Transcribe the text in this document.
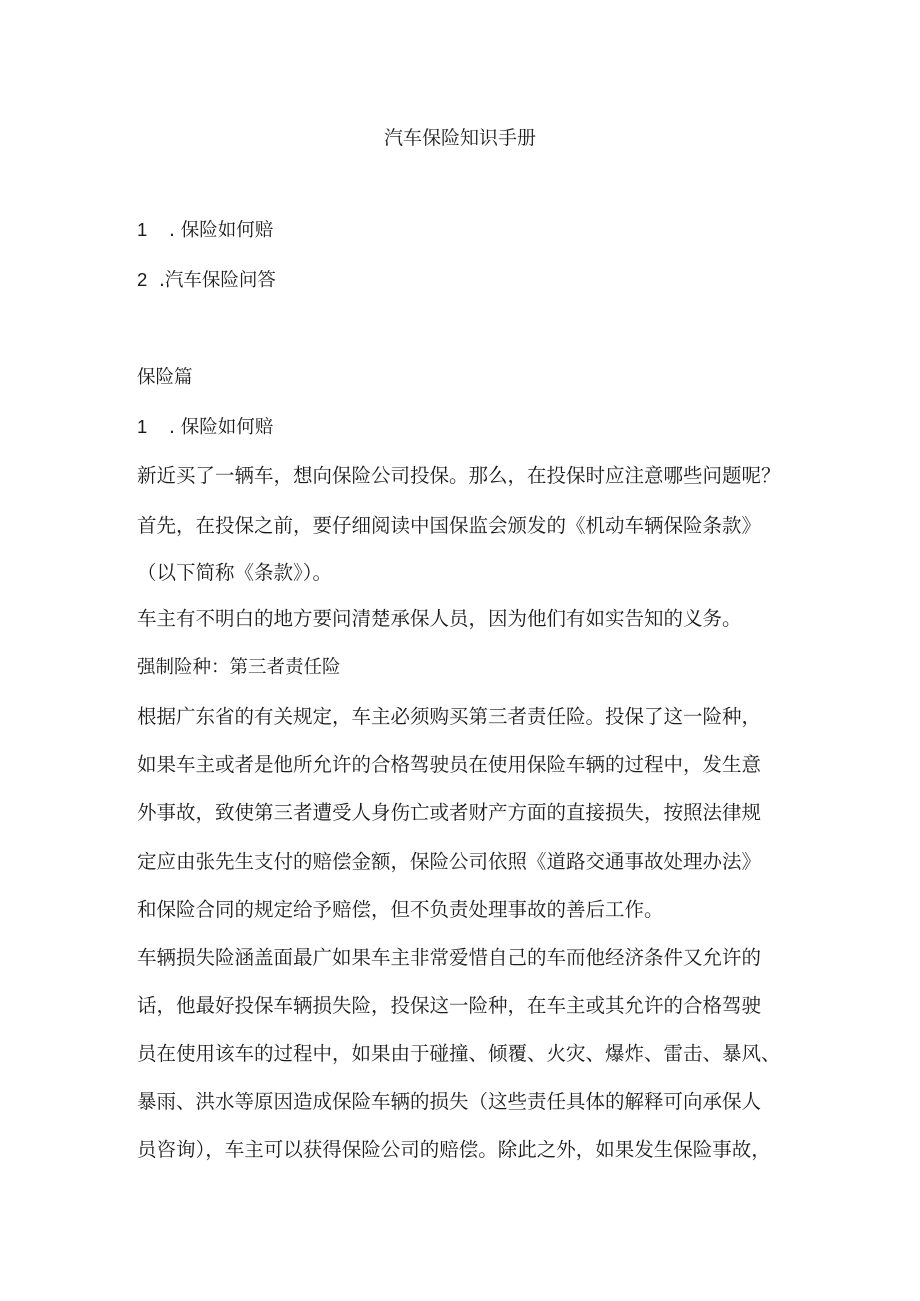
汽车保险知识手册
1 . 保险如何赔
2 .汽车保险问答
保险篇
1 . 保险如何赔
新近买了一辆车，想向保险公司投保。那么，在投保时应注意哪些问题呢？
首先，在投保之前，要仔细阅读中国保监会颁发的《机动车辆保险条款》
（以下简称《条款》）。
车主有不明白的地方要问清楚承保人员，因为他们有如实告知的义务。
强制险种：第三者责任险
根据广东省的有关规定，车主必须购买第三者责任险。投保了这一险种，
如果车主或者是他所允许的合格驾驶员在使用保险车辆的过程中，发生意
外事故，致使第三者遭受人身伤亡或者财产方面的直接损失，按照法律规
定应由张先生支付的赔偿金额，保险公司依照《道路交通事故处理办法》
和保险合同的规定给予赔偿，但不负责处理事故的善后工作。
车辆损失险涵盖面最广如果车主非常爱惜自己的车而他经济条件又允许的
话，他最好投保车辆损失险，投保这一险种，在车主或其允许的合格驾驶
员在使用该车的过程中，如果由于碰撞、倾覆、火灾、爆炸、雷击、暴风、
暴雨、洪水等原因造成保险车辆的损失（这些责任具体的解释可向承保人
员咨询），车主可以获得保险公司的赔偿。除此之外，如果发生保险事故，
